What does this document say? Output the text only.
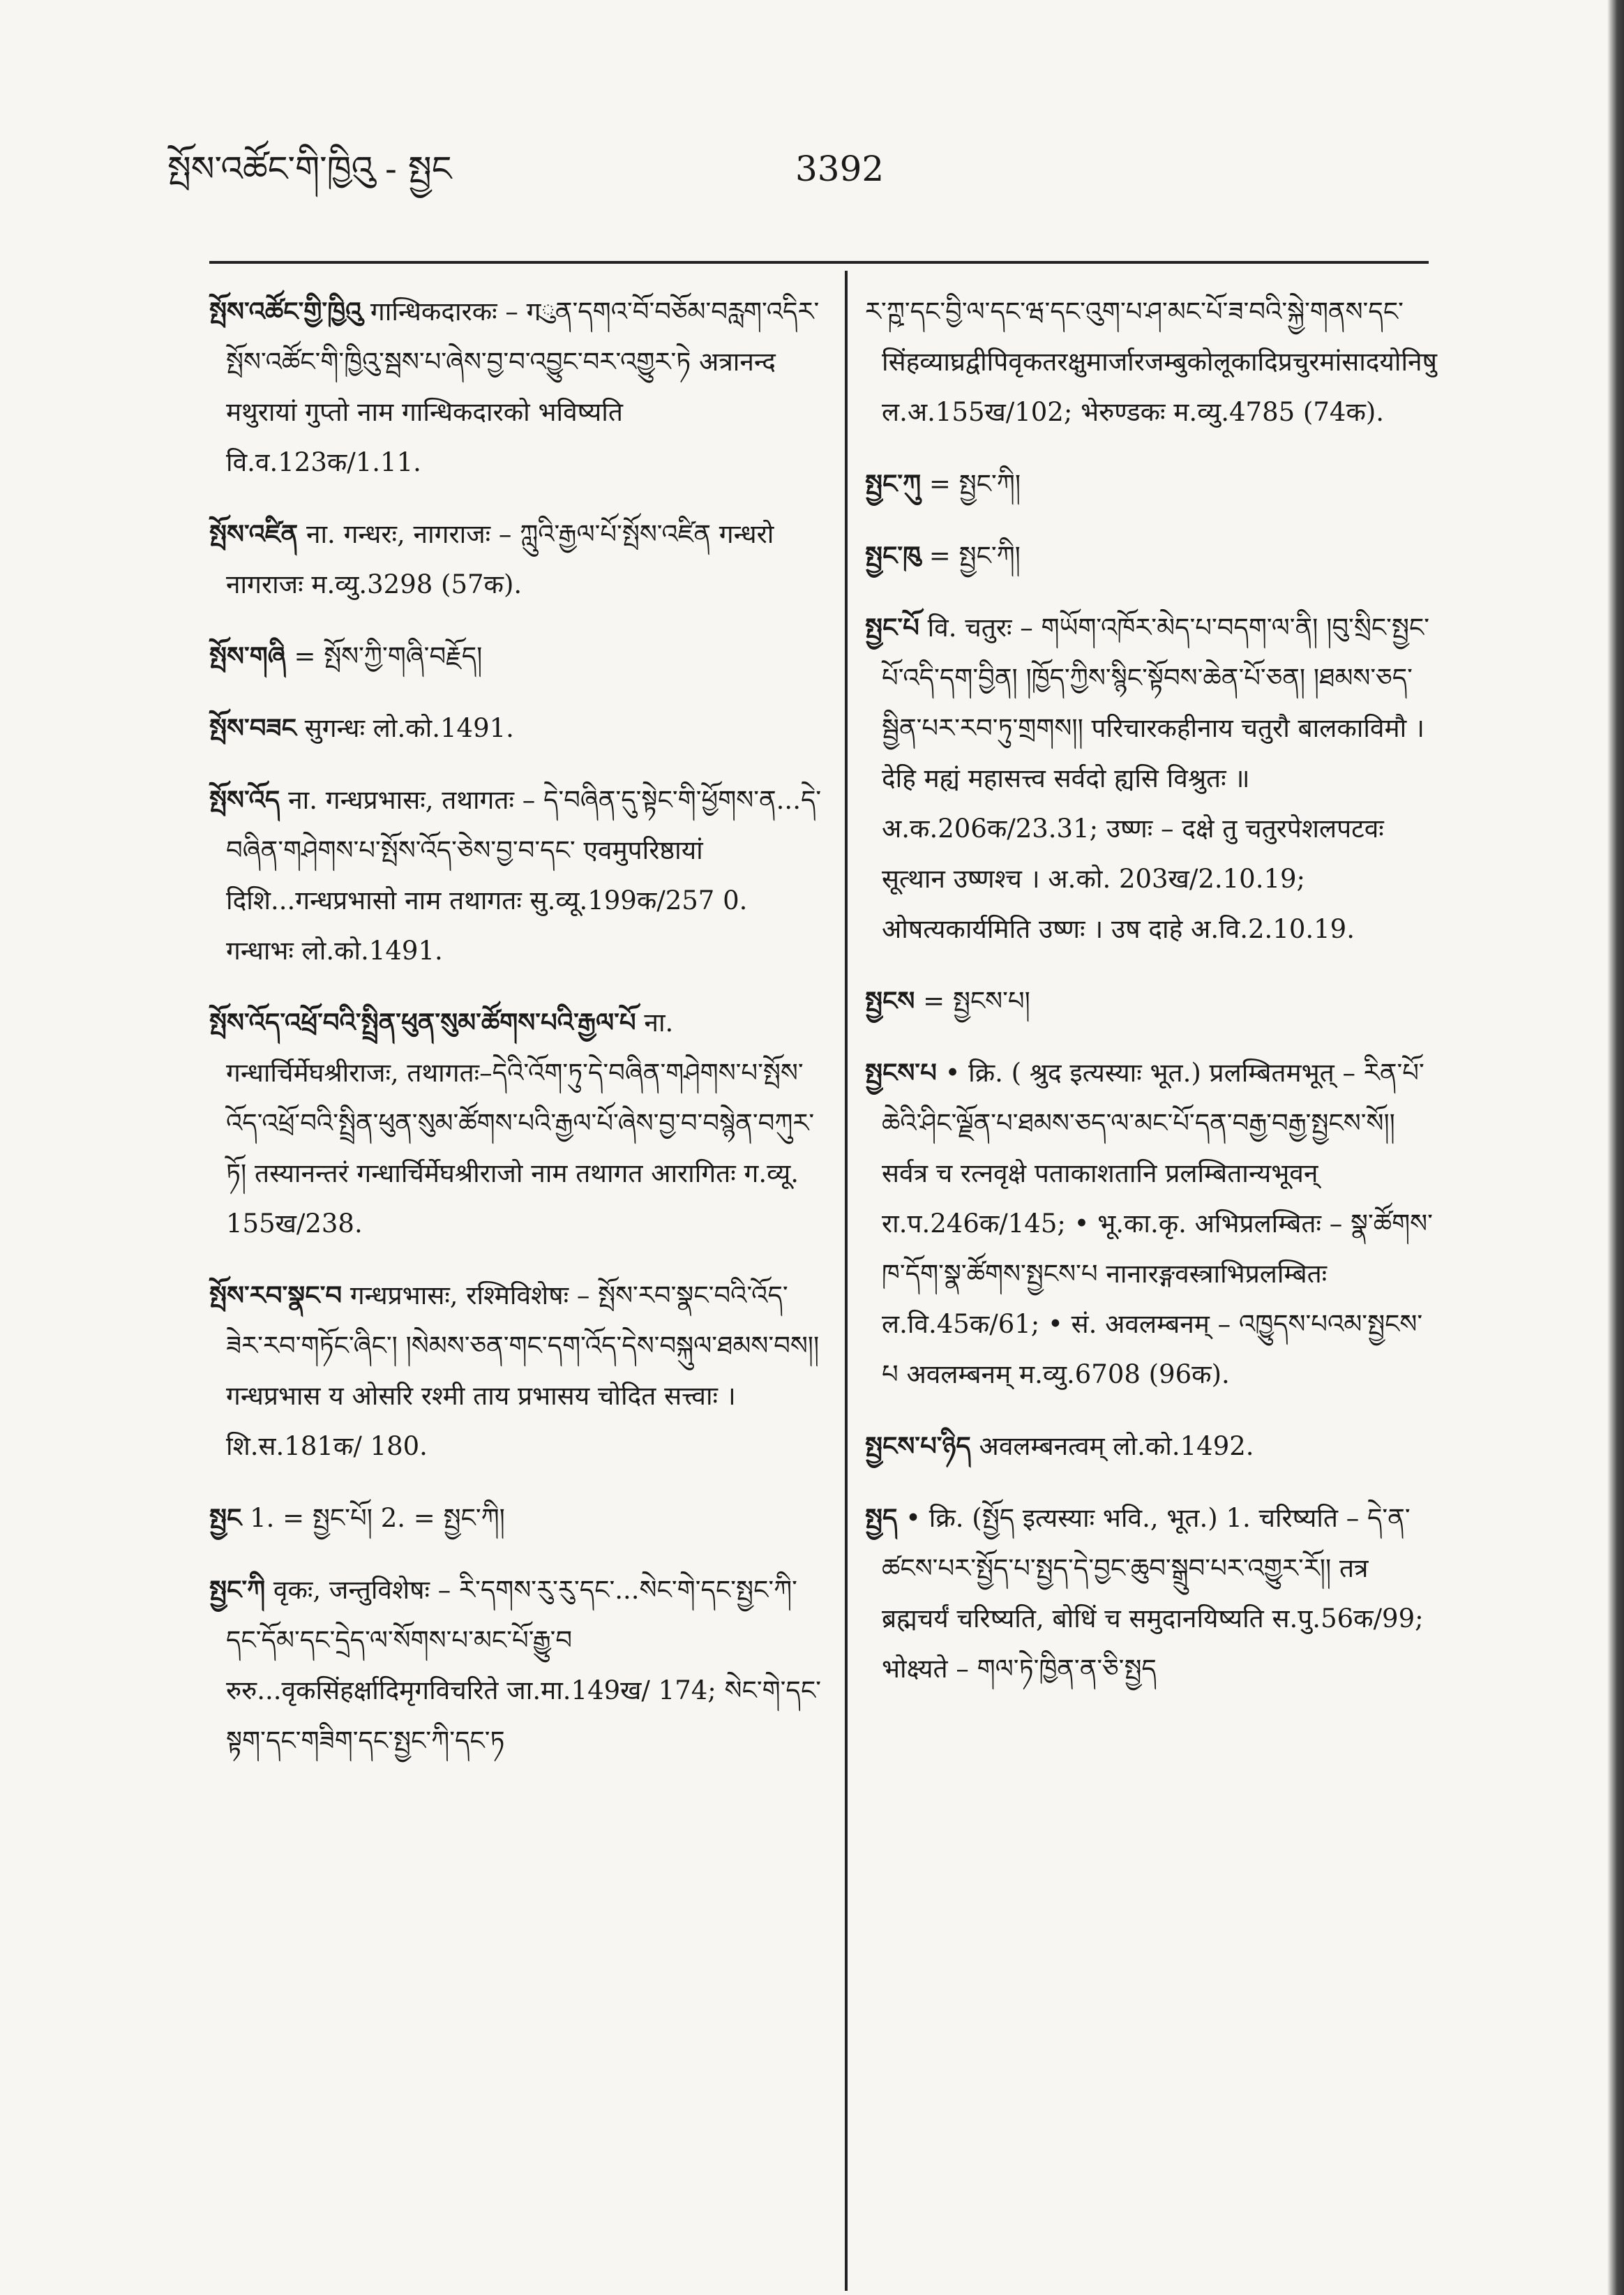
སྤོས་འཚོང་གི་ཁྱིའུ - སྤྱང	3392

སྤོས་འཚོང་གྱི་ཁྱིའུ गान्धिकदारकः – गུན་དགའ་བོ་བཅོམ་བརླག་འདིར་སྤོས་འཚོང་གི་ཁྱིའུ་སྦས་པ་ཞེས་བྱ་བ་འབྱུང་བར་འགྱུར་ཏེ अत्रानन्द मथुरायां गुप्तो नाम गान्धिकदारको भविष्यति वि.व.123क/1.11.

སྤོས་འཛིན ना. गन्धरः, नागराजः – ཀླུའི་རྒྱལ་པོ་སྤོས་འཛིན गन्धरो नागराजः म.व्यु.3298 (57क).

སྤོས་གཞི = སྤོས་ཀྱི་གཞི་བརྗོད།

སྤོས་བཟང सुगन्धः लो.को.1491.

སྤོས་འོད ना. गन्धप्रभासः, तथागतः – དེ་བཞིན་དུ་སྟེང་གི་ཕྱོགས་ན...དེ་བཞིན་གཤེགས་པ་སྤོས་འོད་ཅེས་བྱ་བ་དང་ एवमुपरिष्ठायां दिशि...गन्धप्रभासो नाम तथागतः सु.व्यू.199क/257 0. गन्धाभः लो.को.1491.

སྤོས་འོད་འཕྲོ་བའི་སྤྲིན་ཕུན་སུམ་ཚོགས་པའི་རྒྱལ་པོ ना. गन्धार्चिर्मेघश्रीराजः, तथागतः–དེའི་འོག་ཏུ་དེ་བཞིན་གཤེགས་པ་སྤོས་འོད་འཕྲོ་བའི་སྤྲིན་ཕུན་སུམ་ཚོགས་པའི་རྒྱལ་པོ་ཞེས་བྱ་བ་བསྙེན་བཀུར་ཏོ། तस्यानन्तरं गन्धार्चिर्मेघश्रीराजो नाम तथागत आरागितः ग.व्यू. 155ख/238.

སྤོས་རབ་སྣང་བ गन्धप्रभासः, रश्मिविशेषः – སྤོས་རབ་སྣང་བའི་འོད་ཟེར་རབ་གཏོང་ཞིང་། །སེམས་ཅན་གང་དག་འོད་དེས་བསྐུལ་ཐམས་བས།། गन्धप्रभास य ओसरि रश्मी ताय प्रभासय चोदित सत्त्वाः । शि.स.181क/ 180.

སྤྱང 1. = སྤྱང་པོ། 2. = སྤྱང་ཀི།

སྤྱང་ཀི वृकः, जन्तुविशेषः – རི་དགས་རུ་རུ་དང་...སེང་གེ་དང་སྤྱང་ཀི་དང་དོམ་དང་དྲེད་ལ་སོགས་པ་མང་པོ་རྒྱུ་བ रुरु...वृकसिंहर्क्षादिमृगविचरिते जा.मा.149ख/ 174; སེང་གེ་དང་སྟག་དང་གཟིག་དང་སྤྱང་ཀི་དང་ཏ

ར་ཀྵ་དང་བྱི་ལ་དང་ཝ་དང་འུག་པ་ཤ་མང་པོ་ཟ་བའི་སྐྱེ་གནས་དང་ सिंहव्याघ्रद्वीपिवृकतरक्षुमार्जारजम्बुकोलूकादिप्रचुरमांसादयोनिषु ल.अ.155ख/102; भेरुण्डकः म.व्यु.4785 (74क).

སྤྱང་ཀུ = སྤྱང་ཀི།

སྤྱང་ཁུ = སྤྱང་ཀི།

སྤྱང་པོ वि. चतुरः – གཡོག་འཁོར་མེད་པ་བདག་ལ་ནི། །བུ་སྲིང་སྤྱང་པོ་འདི་དག་བྱིན། །ཁྱོད་ཀྱིས་སྙིང་སྟོབས་ཆེན་པོ་ཅན། །ཐམས་ཅད་སྦྱིན་པར་རབ་ཏུ་གྲགས།། परिचारकहीनाय चतुरौ बालकाविमौ । देहि मह्यं महासत्त्व सर्वदो ह्यसि विश्रुतः ॥ अ.क.206क/23.31; उष्णः – दक्षे तु चतुरपेशलपटवः सूत्थान उष्णश्च । अ.को. 203ख/2.10.19; ओषत्यकार्यमिति उष्णः । उष दाहे अ.वि.2.10.19.

སྤྱངས = སྤྱངས་པ།

སྤྱངས་པ • क्रि. ( श्रुद इत्यस्याः भूत.) प्रलम्बितमभूत् – རིན་པོ་ཆེའི་ཤིང་ལྗོན་པ་ཐམས་ཅད་ལ་མང་པོ་དན་བརྒྱ་བརྒྱ་སྤྱངས་སོ།། सर्वत्र च रत्नवृक्षे पताकाशतानि प्रलम्बितान्यभूवन् रा.प.246क/145; • भू.का.कृ. अभिप्रलम्बितः – སྣ་ཚོགས་ཁ་དོག་སྣ་ཚོགས་སྤྱངས་པ नानारङ्गवस्त्राभिप्रलम्बितः ल.वि.45क/61; • सं. अवलम्बनम् – འཁྱུདས་པའམ་སྤྱངས་པ अवलम्बनम् म.व्यु.6708 (96क).

སྤྱངས་པ་ཉིད अवलम्बनत्वम् लो.को.1492.

སྤྱད • क्रि. (སྤྱོད इत्यस्याः भवि., भूत.) 1. चरिष्यति – དེ་ན་ཚངས་པར་སྤྱོད་པ་སྤྱད་དེ་བྱང་ཆུབ་སྒྲུབ་པར་འགྱུར་རོ།། तत्र ब्रह्मचर्यं चरिष्यति, बोधिं च समुदानयिष्यति स.पु.56क/99; भोक्ष्यते – གལ་ཏེ་ཁྱིན་ན་ཅི་སྤྱད
